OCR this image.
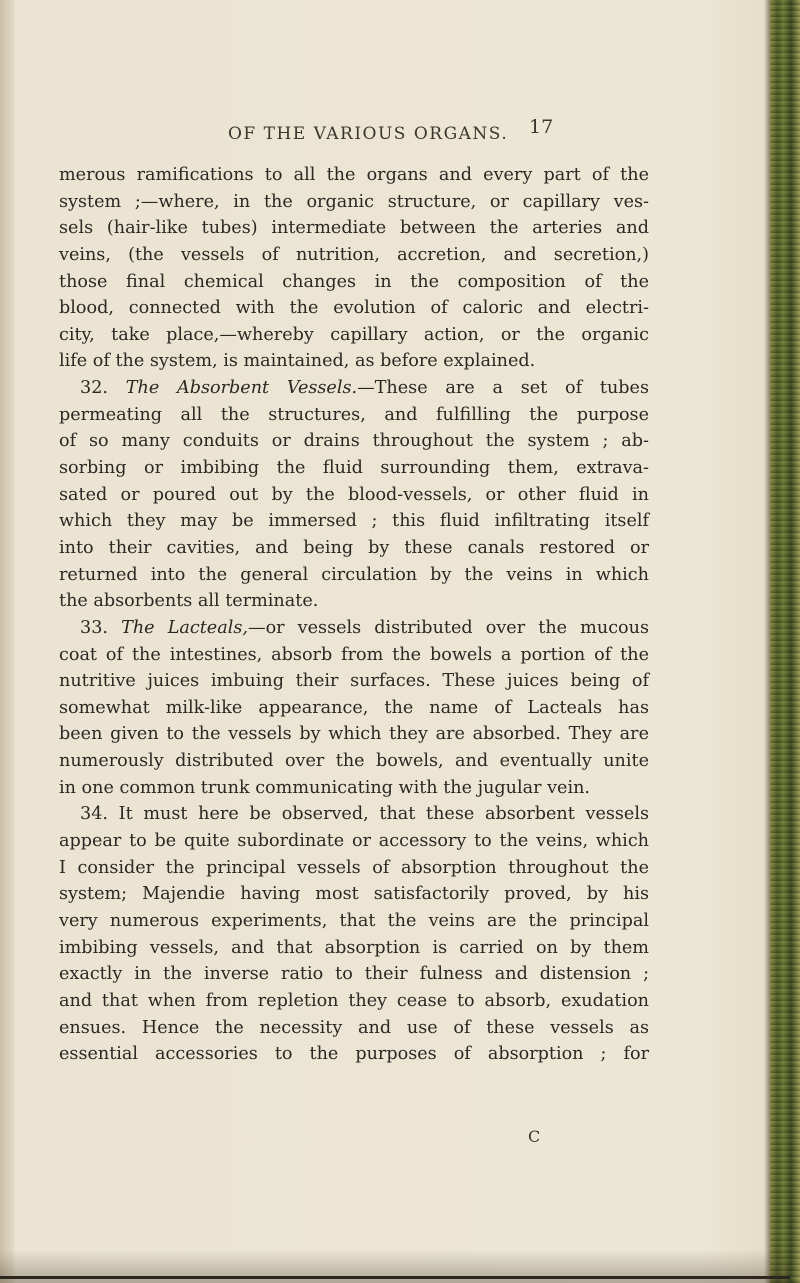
OF THE VARIOUS ORGANS. 17
merous ramifications to all the organs and every part of the
system ;—where, in the organic structure, or capillary ves-
sels (hair-like tubes) intermediate between the arteries and
veins, (the vessels of nutrition, accretion, and secretion,)
those final chemical changes in the composition of the
blood, connected with the evolution of caloric and electri-
city, take place,—whereby capillary action, or the organic
life of the system, is maintained, as before explained.
32. The Absorbent Vessels.—These are a set of tubes
permeating all the structures, and fulfilling the purpose
of so many conduits or drains throughout the system ; ab-
sorbing or imbibing the fluid surrounding them, extrava-
sated or poured out by the blood-vessels, or other fluid in
which they may be immersed ; this fluid infiltrating itself
into their cavities, and being by these canals restored or
returned into the general circulation by the veins in which
the absorbents all terminate.
33. The Lacteals,—or vessels distributed over the mucous
coat of the intestines, absorb from the bowels a portion of the
nutritive juices imbuing their surfaces. These juices being of
somewhat milk-like appearance, the name of Lacteals has
been given to the vessels by which they are absorbed. They are
numerously distributed over the bowels, and eventually unite
in one common trunk communicating with the jugular vein.
34. It must here be observed, that these absorbent vessels
appear to be quite subordinate or accessory to the veins, which
I consider the principal vessels of absorption throughout the
system; Majendie having most satisfactorily proved, by his
very numerous experiments, that the veins are the principal
imbibing vessels, and that absorption is carried on by them
exactly in the inverse ratio to their fulness and distension ;
and that when from repletion they cease to absorb, exudation
ensues. Hence the necessity and use of these vessels as
essential accessories to the purposes of absorption ; for
C
